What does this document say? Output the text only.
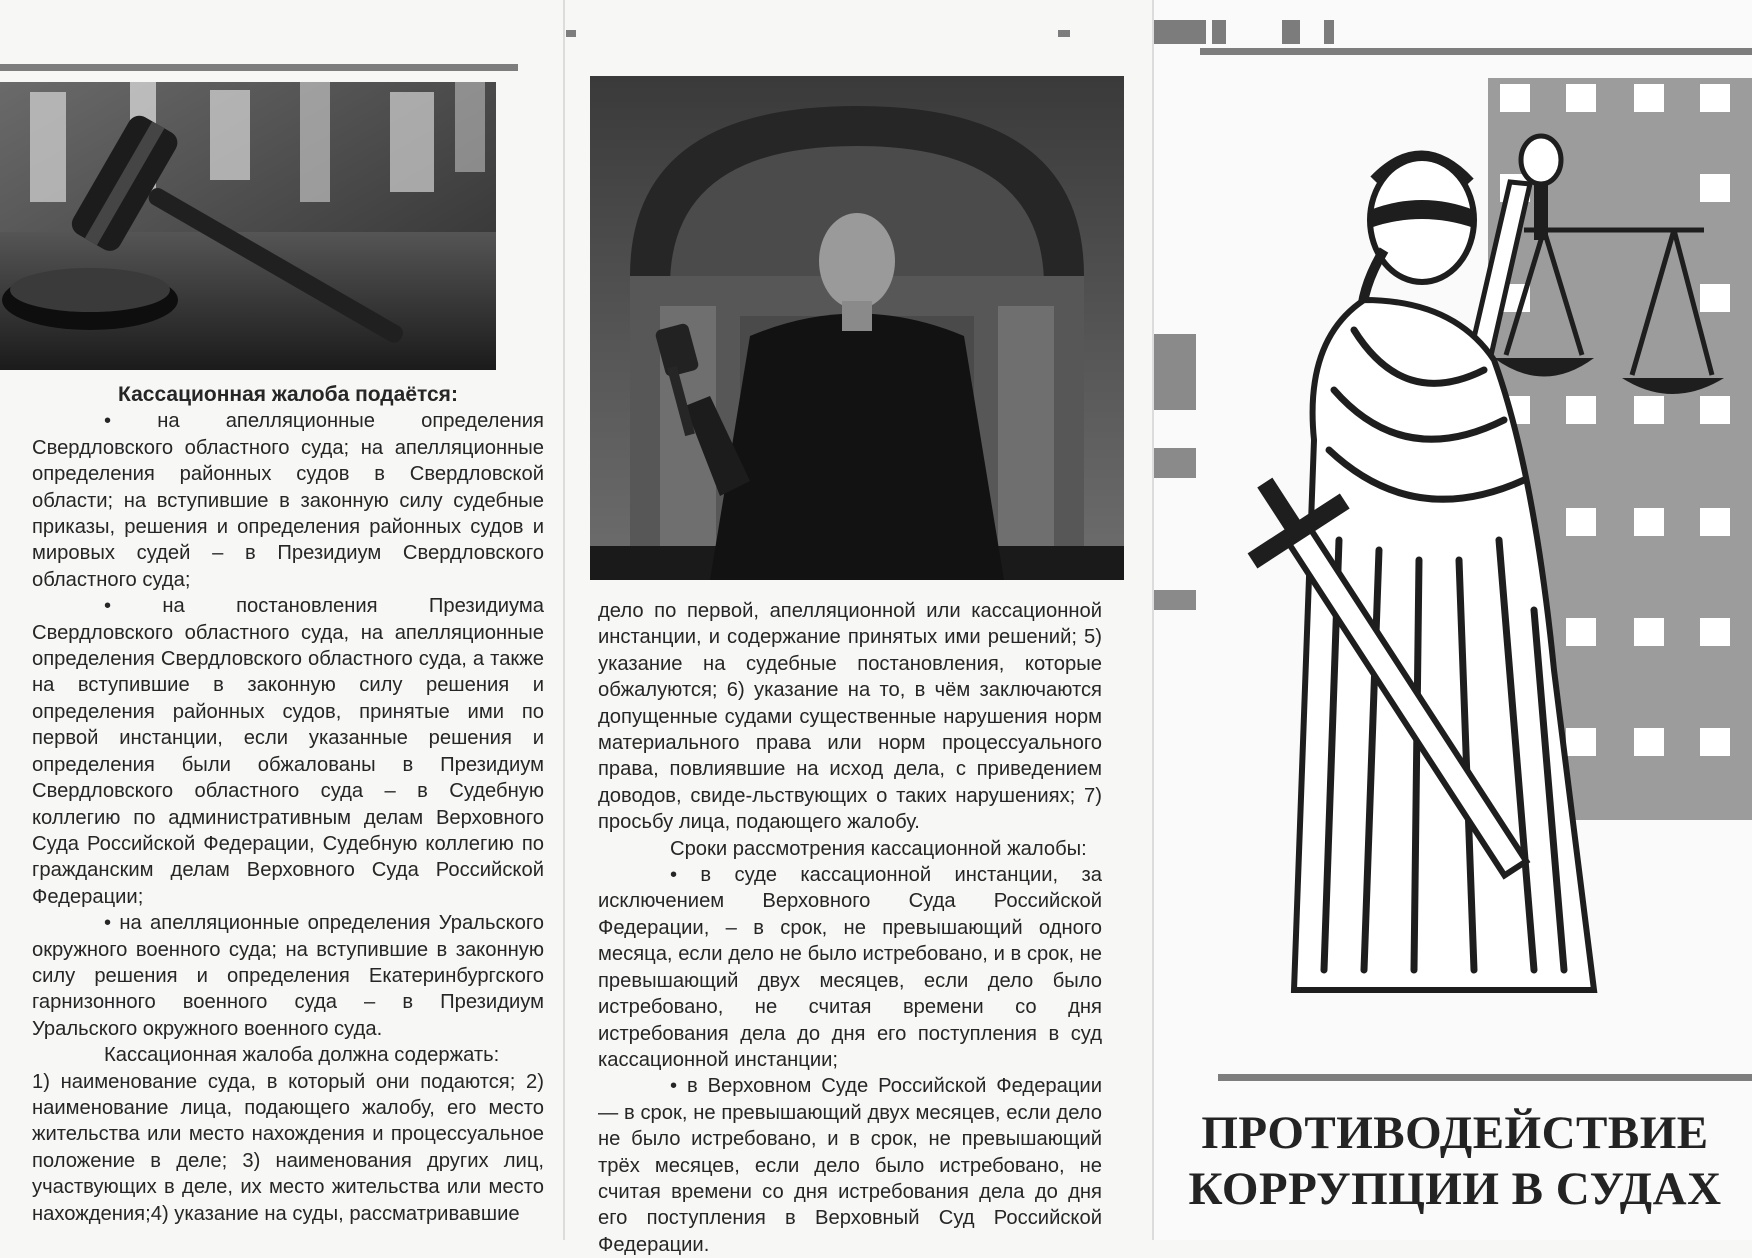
Кассационная жалоба подаётся:

• на апелляционные определения Свердловского областного суда; на апелляционные определения районных судов в Свердловской области; на вступившие в законную силу судебные приказы, решения и определения районных судов и мировых судей – в Президиум Свердловского областного суда;

• на постановления Президиума Свердловского областного суда, на апелляционные определения Свердловского областного суда, а также на вступившие в законную силу решения и определения районных судов, принятые ими по первой инстанции, если указанные решения и определения были обжалованы в Президиум Свердловского областного суда – в Судебную коллегию по административным делам Верховного Суда Российской Федерации, Судебную коллегию по гражданским делам Верховного Суда Российской Федерации;

• на апелляционные определения Уральского окружного военного суда; на вступившие в законную силу решения и определения Екатеринбургского гарнизонного военного суда – в Президиум Уральского окружного военного суда.

Кассационная жалоба должна содержать:

1) наименование суда, в который они подаются; 2) наименование лица, подающего жалобу, его место жительства или место нахождения и процессуальное положение в деле; 3) наименования других лиц, участвующих в деле, их место жительства или место нахождения;4) указание на суды, рассматривавшие

дело по первой, апелляционной или кассационной инстанции, и содержание принятых ими решений; 5) указание на судебные постановления, которые обжалуются; 6) указание на то, в чём заключаются допущенные судами существенные нарушения норм материального права или норм процессуального права, повлиявшие на исход дела, с приведением доводов, свиде-льствующих о таких нарушениях; 7) просьбу лица, подающего жалобу.

Сроки рассмотрения кассационной жалобы:

• в суде кассационной инстанции, за исключением Верховного Суда Российской Федерации, – в срок, не превышающий одного месяца, если дело не было истребовано, и в срок, не превышающий двух месяцев, если дело было истребовано, не считая времени со дня истребования дела до дня его поступления в суд кассационной инстанции;

• в Верховном Суде Российской Федерации — в срок, не превышающий двух месяцев, если дело не было истребовано, и в срок, не превышающий трёх месяцев, если дело было истребовано, не считая времени со дня истребования дела до дня его поступления в Верховный Суд Российской Федерации.

ПРОТИВОДЕЙСТВИЕ
КОРРУПЦИИ В СУДАХ
